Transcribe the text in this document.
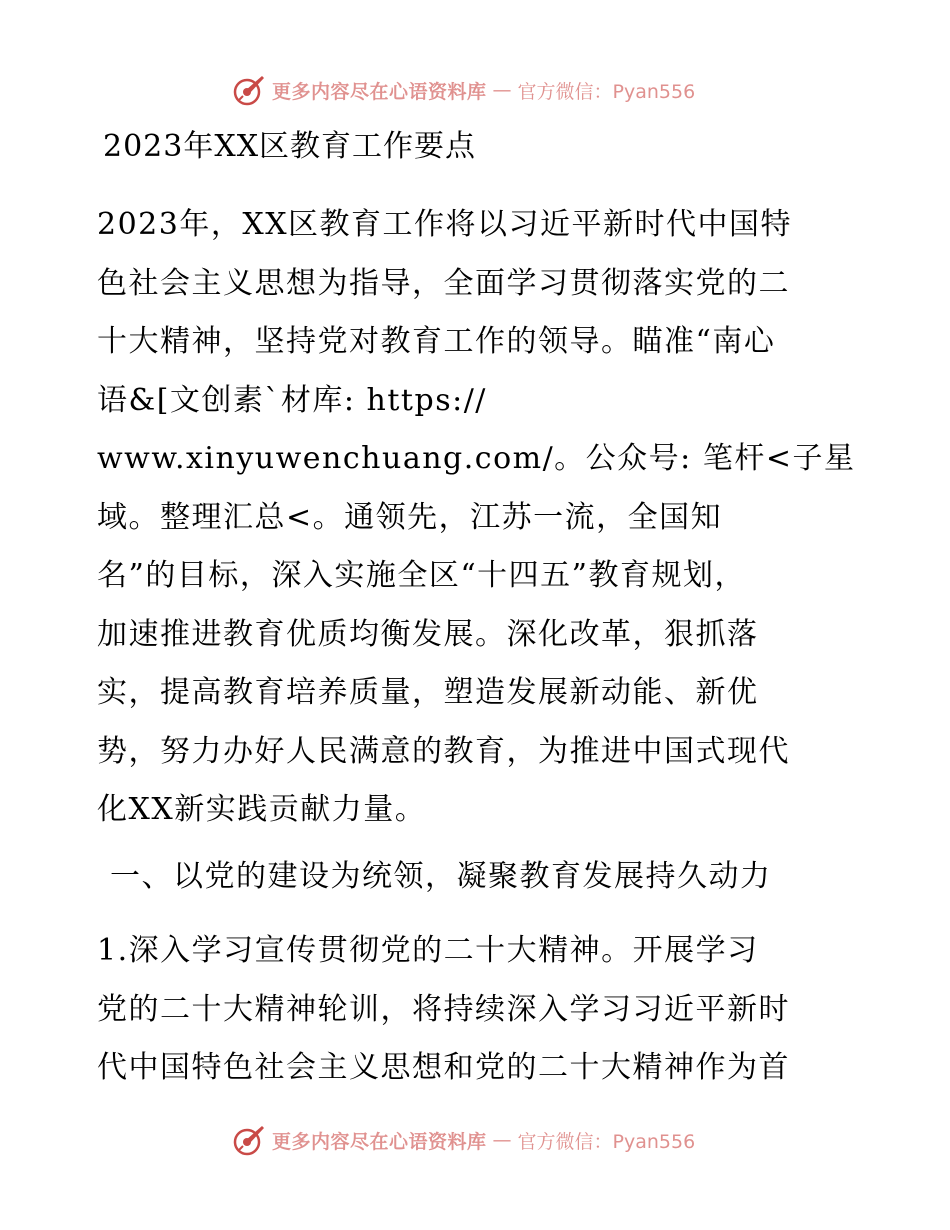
更多内容尽在心语资料库 — 官方微信：Pyan556
2023年XX区教育工作要点
2023年，XX区教育工作将以习近平新时代中国特
色社会主义思想为指导，全面学习贯彻落实党的二
十大精神，坚持党对教育工作的领导。瞄准“南心
语&[文创素`材库: https://
www.xinyuwenchuang.com/。公众号: 笔杆<子星
域。整理汇总<。通领先，江苏一流，全国知
名”的目标，深入实施全区“十四五”教育规划，
加速推进教育优质均衡发展。深化改革，狠抓落
实，提高教育培养质量，塑造发展新动能、新优
势，努力办好人民满意的教育，为推进中国式现代
化XX新实践贡献力量。
一、以党的建设为统领，凝聚教育发展持久动力
1.深入学习宣传贯彻党的二十大精神。开展学习
党的二十大精神轮训，将持续深入学习习近平新时
代中国特色社会主义思想和党的二十大精神作为首
更多内容尽在心语资料库 — 官方微信：Pyan556
